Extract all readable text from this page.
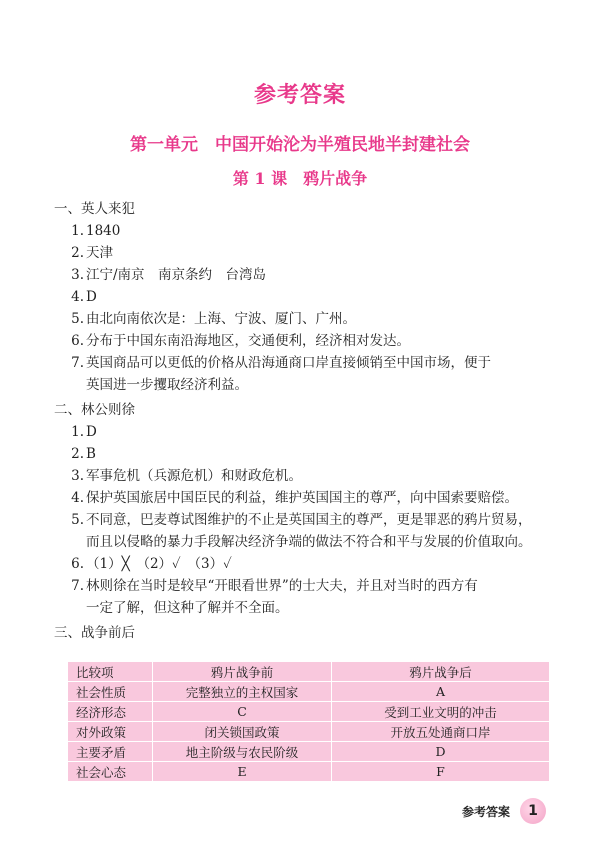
参考答案
第一单元　中国开始沦为半殖民地半封建社会
第 1 课　鸦片战争
一、英人来犯
1. 1840
2. 天津
3. 江宁/南京　南京条约　台湾岛
4. D
5. 由北向南依次是：上海、宁波、厦门、广州。
6. 分布于中国东南沿海地区，交通便利，经济相对发达。
7. 英国商品可以更低的价格从沿海通商口岸直接倾销至中国市场，便于
英国进一步攫取经济利益。
二、林公则徐
1. D
2. B
3. 军事危机（兵源危机）和财政危机。
4. 保护英国旅居中国臣民的利益，维护英国国主的尊严，向中国索要赔偿。
5. 不同意，巴麦尊试图维护的不止是英国国主的尊严，更是罪恶的鸦片贸易，
而且以侵略的暴力手段解决经济争端的做法不符合和平与发展的价值取向。
6. （1）╳　（2）✓　（3）✓
7. 林则徐在当时是较早“开眼看世界”的士大夫，并且对当时的西方有
一定了解，但这种了解并不全面。
三、战争前后
比较项	鸦片战争前	鸦片战争后
社会性质	完整独立的主权国家	A
经济形态	C	受到工业文明的冲击
对外政策	闭关锁国政策	开放五处通商口岸
主要矛盾	地主阶级与农民阶级	D
社会心态	E	F
参考答案	1
